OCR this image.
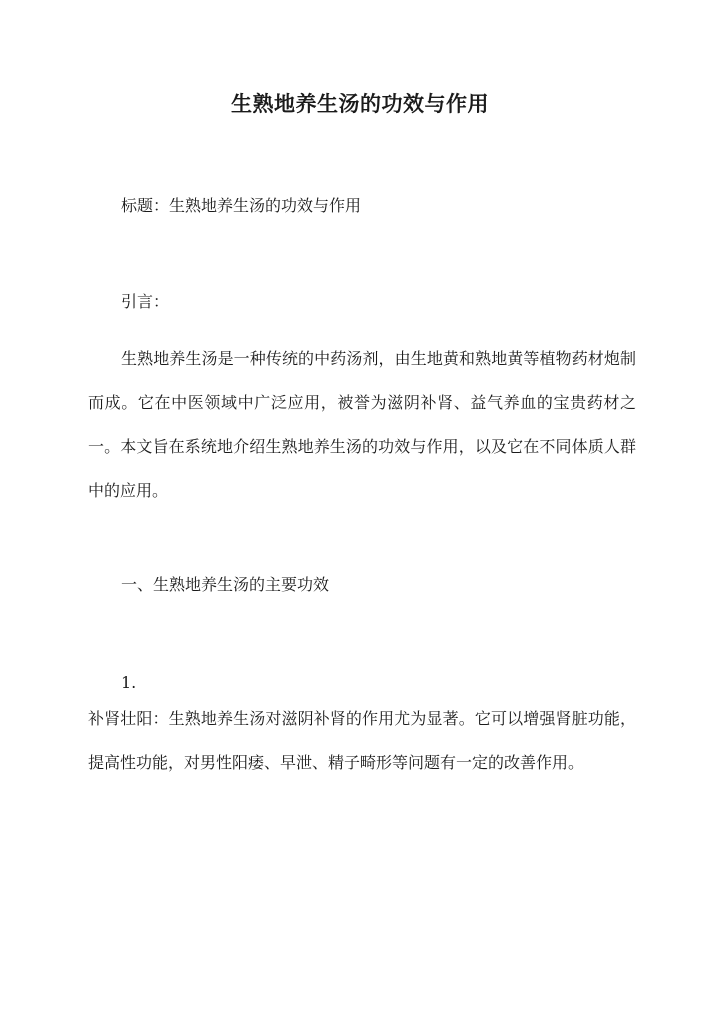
生熟地养生汤的功效与作用

标题：生熟地养生汤的功效与作用

引言：

生熟地养生汤是一种传统的中药汤剂，由生地黄和熟地黄等植物药材炮制而成。它在中医领域中广泛应用，被誉为滋阴补肾、益气养血的宝贵药材之一。本文旨在系统地介绍生熟地养生汤的功效与作用，以及它在不同体质人群中的应用。

一、生熟地养生汤的主要功效

1.

补肾壮阳：生熟地养生汤对滋阴补肾的作用尤为显著。它可以增强肾脏功能，提高性功能，对男性阳痿、早泄、精子畸形等问题有一定的改善作用。
